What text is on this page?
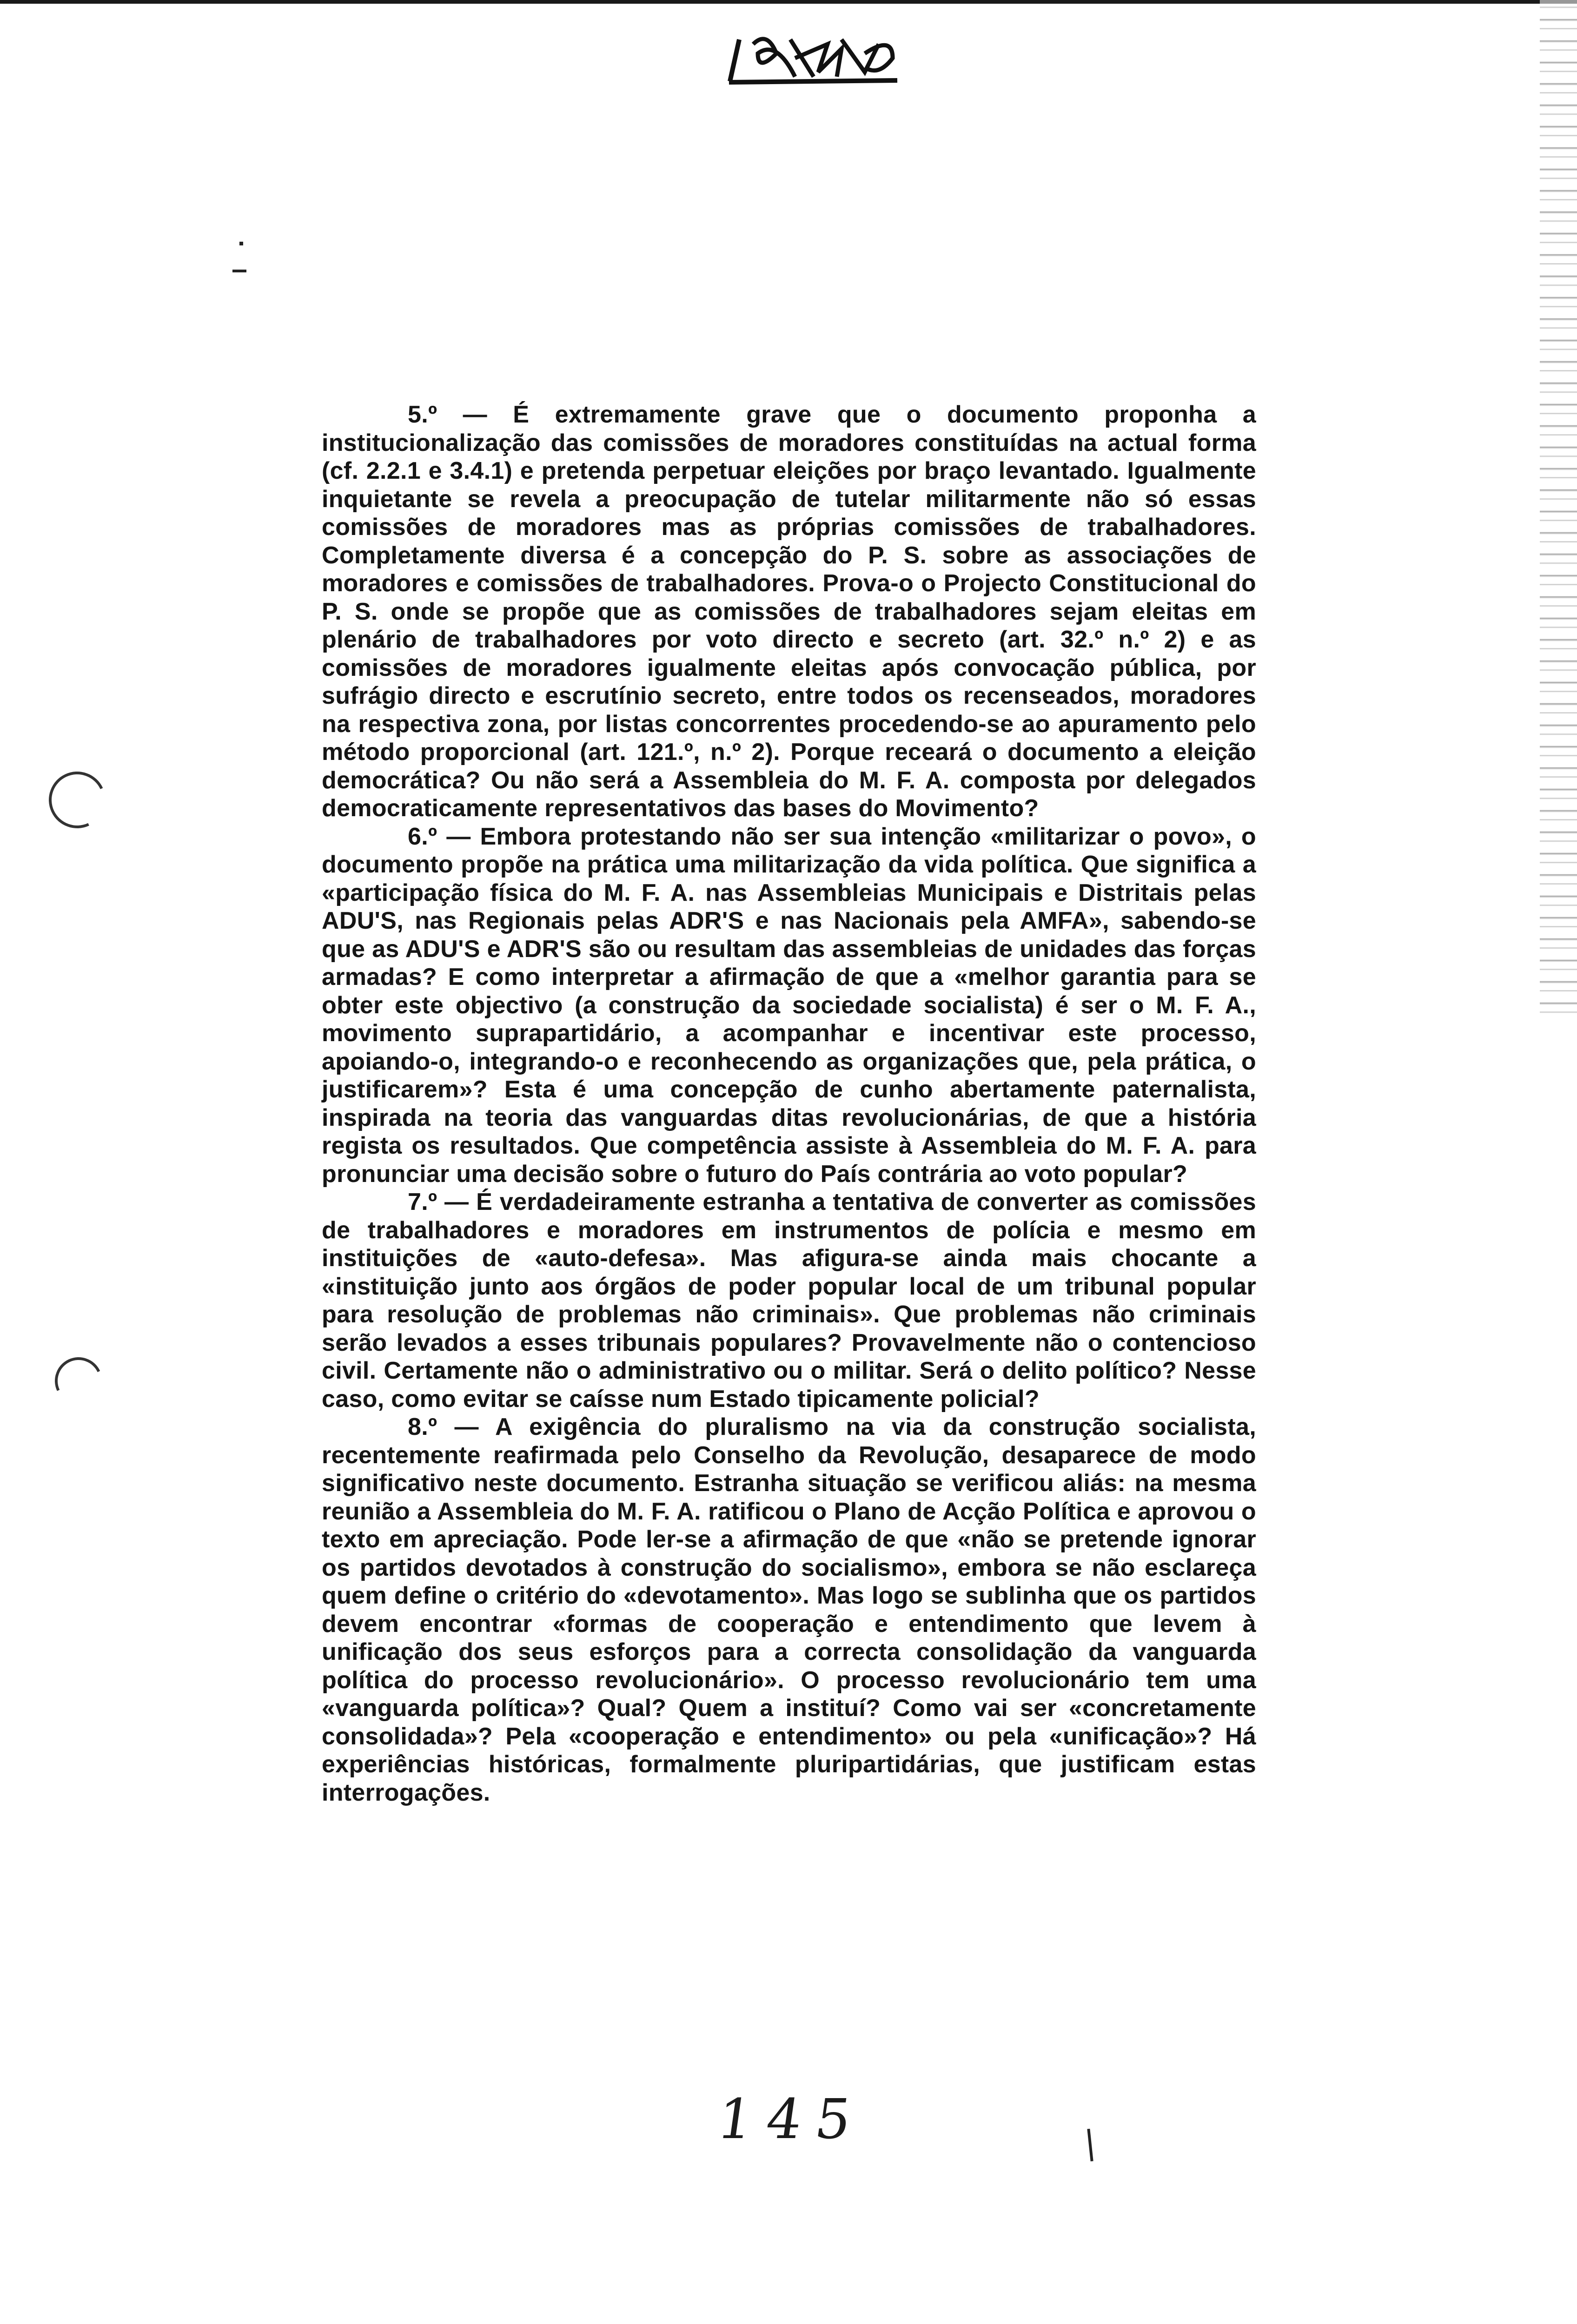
5.º — É extremamente grave que o documento proponha a institucionalização das comissões de moradores constituídas na actual forma (cf. 2.2.1 e 3.4.1) e pretenda perpetuar eleições por braço levantado. Igualmente inquietante se revela a preocupação de tutelar militarmente não só essas comissões de moradores mas as próprias comissões de trabalhadores. Completamente diversa é a concepção do P. S. sobre as associações de moradores e comissões de trabalhadores. Prova-o o Projecto Constitucional do P. S. onde se propõe que as comissões de trabalhadores sejam eleitas em plenário de trabalhadores por voto directo e secreto (art. 32.º n.º 2) e as comissões de moradores igualmente eleitas após convocação pública, por sufrágio directo e escrutínio secreto, entre todos os recenseados, moradores na respectiva zona, por listas concorrentes procedendo-se ao apuramento pelo método proporcional (art. 121.º, n.º 2). Porque receará o documento a eleição democrática? Ou não será a Assembleia do M. F. A. composta por delegados democraticamente representativos das bases do Movimento?

6.º — Embora protestando não ser sua intenção «militarizar o povo», o documento propõe na prática uma militarização da vida política. Que significa a «participação física do M. F. A. nas Assembleias Municipais e Distritais pelas ADU'S, nas Regionais pelas ADR'S e nas Nacionais pela AMFA», sabendo-se que as ADU'S e ADR'S são ou resultam das assembleias de unidades das forças armadas? E como interpretar a afirmação de que a «melhor garantia para se obter este objectivo (a construção da sociedade socialista) é ser o M. F. A., movimento suprapartidário, a acompanhar e incentivar este processo, apoiando-o, integrando-o e reconhecendo as organizações que, pela prática, o justificarem»? Esta é uma concepção de cunho abertamente paternalista, inspirada na teoria das vanguardas ditas revolucionárias, de que a história regista os resultados. Que competência assiste à Assembleia do M. F. A. para pronunciar uma decisão sobre o futuro do País contrária ao voto popular?

7.º — É verdadeiramente estranha a tentativa de converter as comissões de trabalhadores e moradores em instrumentos de polícia e mesmo em instituições de «auto-defesa». Mas afigura-se ainda mais chocante a «instituição junto aos órgãos de poder popular local de um tribunal popular para resolução de problemas não criminais». Que problemas não criminais serão levados a esses tribunais populares? Provavelmente não o contencioso civil. Certamente não o administrativo ou o militar. Será o delito político? Nesse caso, como evitar se caísse num Estado tipicamente policial?

8.º — A exigência do pluralismo na via da construção socialista, recentemente reafirmada pelo Conselho da Revolução, desaparece de modo significativo neste documento. Estranha situação se verificou aliás: na mesma reunião a Assembleia do M. F. A. ratificou o Plano de Acção Política e aprovou o texto em apreciação. Pode ler-se a afirmação de que «não se pretende ignorar os partidos devotados à construção do socialismo», embora se não esclareça quem define o critério do «devotamento». Mas logo se sublinha que os partidos devem encontrar «formas de cooperação e entendimento que levem à unificação dos seus esforços para a correcta consolidação da vanguarda política do processo revolucionário». O processo revolucionário tem uma «vanguarda política»? Qual? Quem a instituí? Como vai ser «concretamente consolidada»? Pela «cooperação e entendimento» ou pela «unificação»? Há experiências históricas, formalmente pluripartidárias, que justificam estas interrogações.

145
